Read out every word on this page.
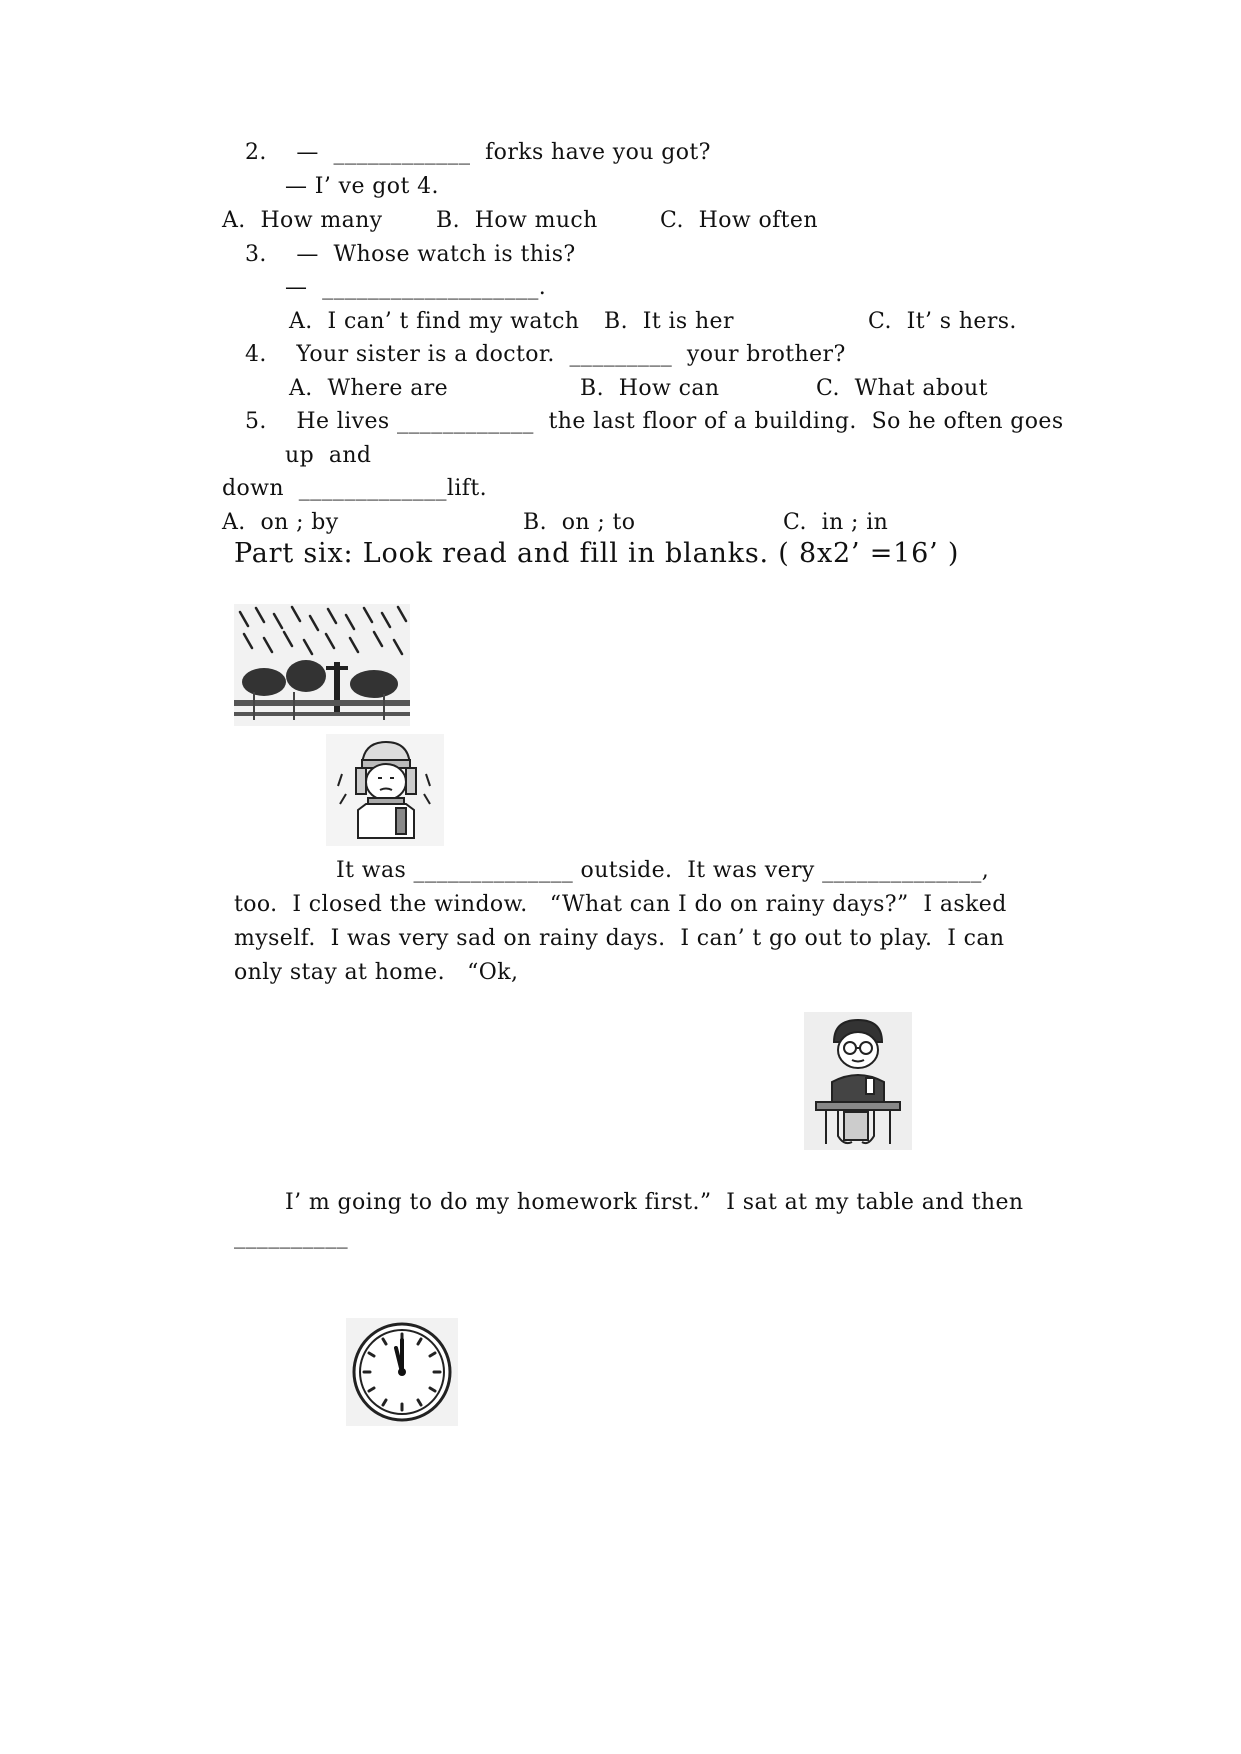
2.    —  ____________  forks have you got?
— I’ ve got 4.
A.  How many B.  How much	C.  How often
3.    —  Whose watch is this?
—  ___________________.
A.  I can’ t find my watch B.  It is her	C.  It’ s hers.
4.    Your sister is a doctor.  _________  your brother?
A.  Where are	B.  How can	C.  What about
5.    He lives ____________  the last floor of a building.  So he often goes
up  and
down  _____________lift.
A.  on ; by	B.  on ; to	C.  in ; in
Part six: Look read and fill in blanks. ( 8x2’ =16’ )
It was ______________ outside.  It was very ______________,
too.  I closed the window.   “What can I do on rainy days?”  I asked
myself.  I was very sad on rainy days.  I can’ t go out to play.  I can
only stay at home.   “Ok,
I’ m going to do my homework first.”  I sat at my table and then
__________
